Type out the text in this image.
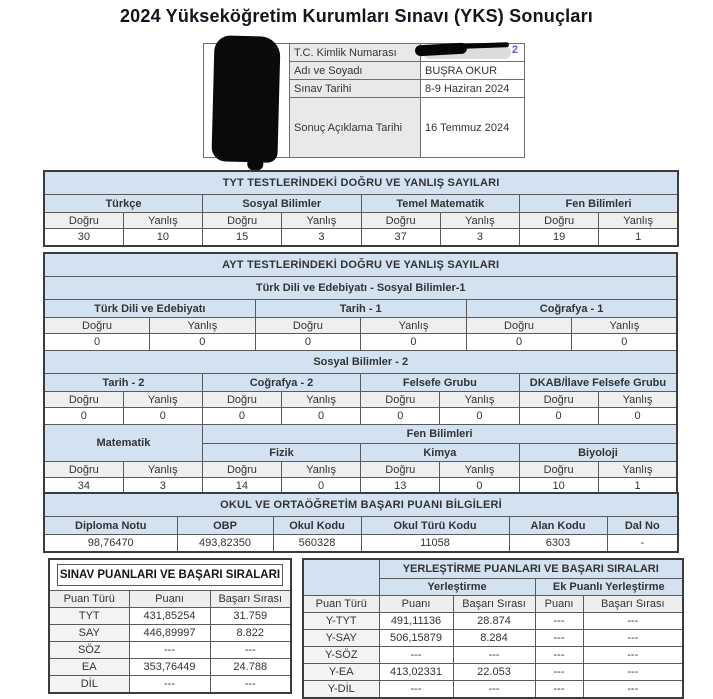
2024 Yükseköğretim Kurumları Sınavı (YKS) Sonuçları
	T.C. Kimlik Numarası	2

	Adı ve Soyadı	BUŞRA OKUR
	Sınav Tarihi	8-9 Haziran 2024
	Sonuç Açıklama Tarihi	16 Temmuz 2024
TYT TESTLERİNDEKİ DOĞRU VE YANLIŞ SAYILARI							
Türkçe		Sosyal Bilimler		Temel Matematik		Fen Bilimleri	
Doğru	Yanlış	Doğru	Yanlış	Doğru	Yanlış	Doğru	Yanlış
30	10	15	3	37	3	19	1
AYT TESTLERİNDEKİ DOĞRU VE YANLIŞ SAYILARI											
Türk Dili ve Edebiyatı - Sosyal Bilimler-1											
Türk Dili ve Edebiyatı				Tarih - 1				Coğrafya - 1			
Doğru		Yanlış		Doğru		Yanlış		Doğru		Yanlış	
0		0		0		0		0		0	
Sosyal Bilimler - 2											
Tarih - 2			Coğrafya - 2			Felsefe Grubu			DKAB/İlave Felsefe Grubu		
Doğru	Yanlış		Doğru		Yanlış	Doğru	Yanlış		Doğru		Yanlış
0	0		0		0	0	0		0		0
Matematik			Fen Bilimleri								
			Fizik			Kimya			Biyoloji		
Doğru	Yanlış		Doğru		Yanlış	Doğru	Yanlış		Doğru		Yanlış
34	3		14		0	13	0		10		1
OKUL VE ORTAÖĞRETİM BAŞARI PUANI BİLGİLERİ					
Diploma Notu	OBP	Okul Kodu	Okul Türü Kodu	Alan Kodu	Dal No
98,76470	493,82350	560328	11058	6303	-
SINAV PUANLARI VE BAŞARI SIRALARI		

Puan Türü	Puanı	Başarı Sırası
TYT	431,85254	31.759
SAY	446,89997	8.822
SÖZ	---	---
EA	353,76449	24.788
DİL	---	---
	YERLEŞTİRME PUANLARI VE BAŞARI SIRALARI			
	Yerleştirme		Ek Puanlı Yerleştirme	
Puan Türü	Puanı	Başarı Sırası	Puanı	Başarı Sırası
Y-TYT	491,11136	28.874	---	---
Y-SAY	506,15879	8.284	---	---
Y-SÖZ	---	---	---	---
Y-EA	413,02331	22.053	---	---
Y-DİL	---	---	---	---
